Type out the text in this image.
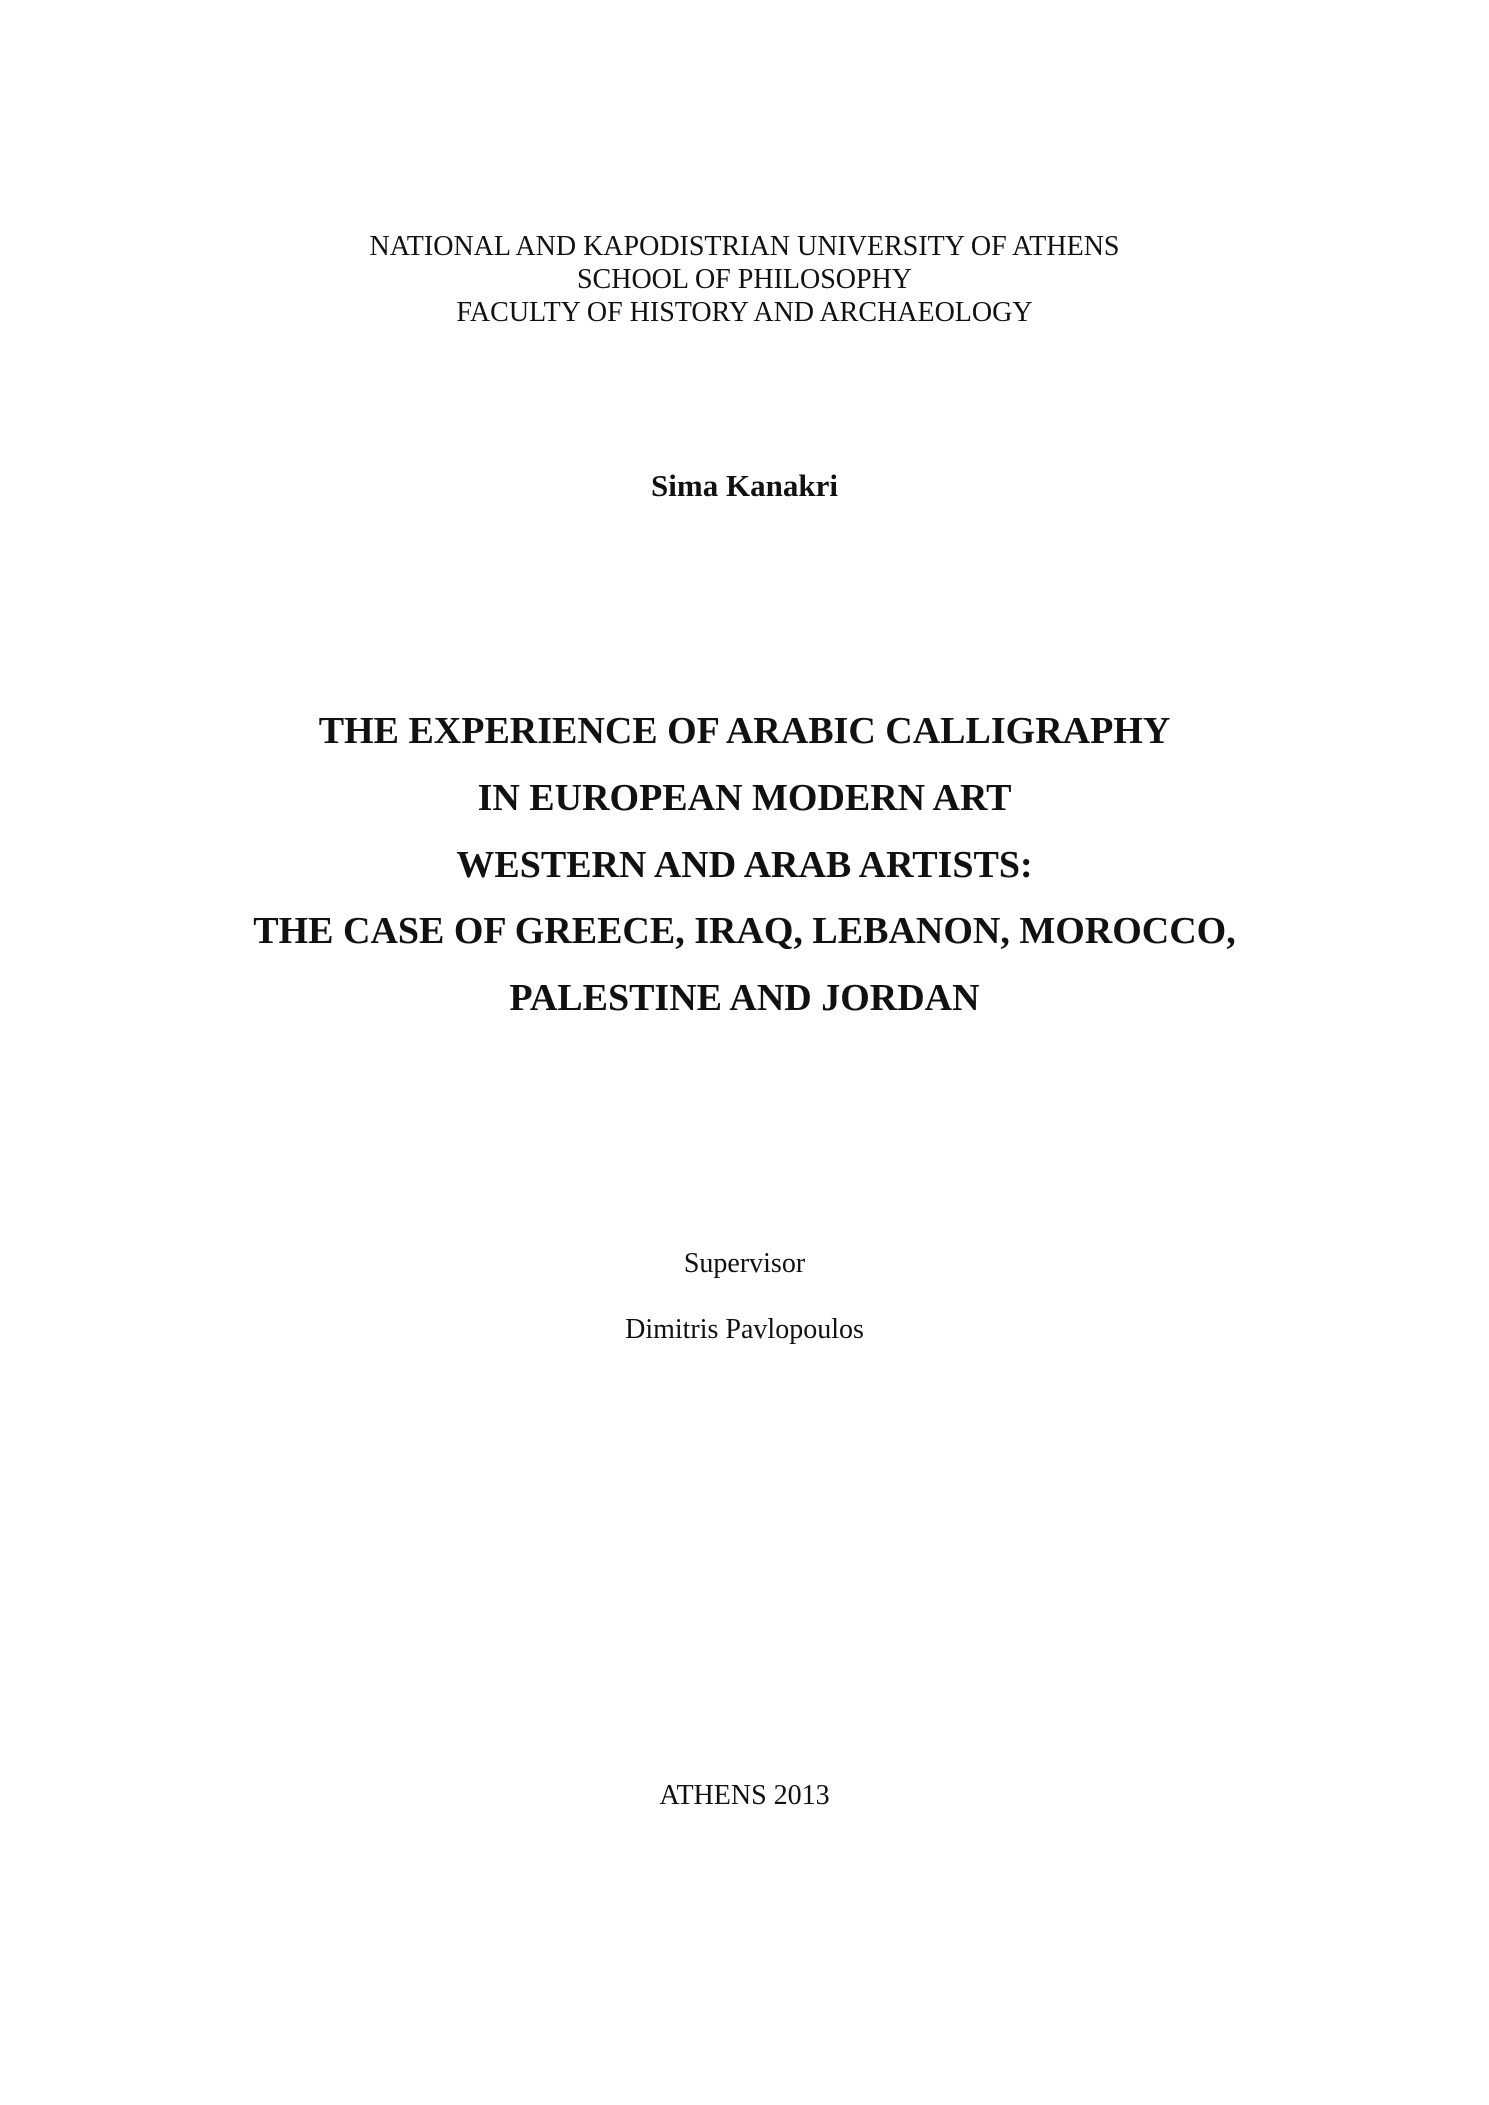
NATIONAL AND KAPODISTRIAN UNIVERSITY OF ATHENS
SCHOOL OF PHILOSOPHY
FACULTY OF HISTORY AND ARCHAEOLOGY
Sima Kanakri
THE EXPERIENCE OF ARABIC CALLIGRAPHY
IN EUROPEAN MODERN ART
WESTERN AND ARAB ARTISTS:
THE CASE OF GREECE, IRAQ, LEBANON, MOROCCO,
PALESTINE AND JORDAN
Supervisor
Dimitris Pavlopoulos
ATHENS 2013
